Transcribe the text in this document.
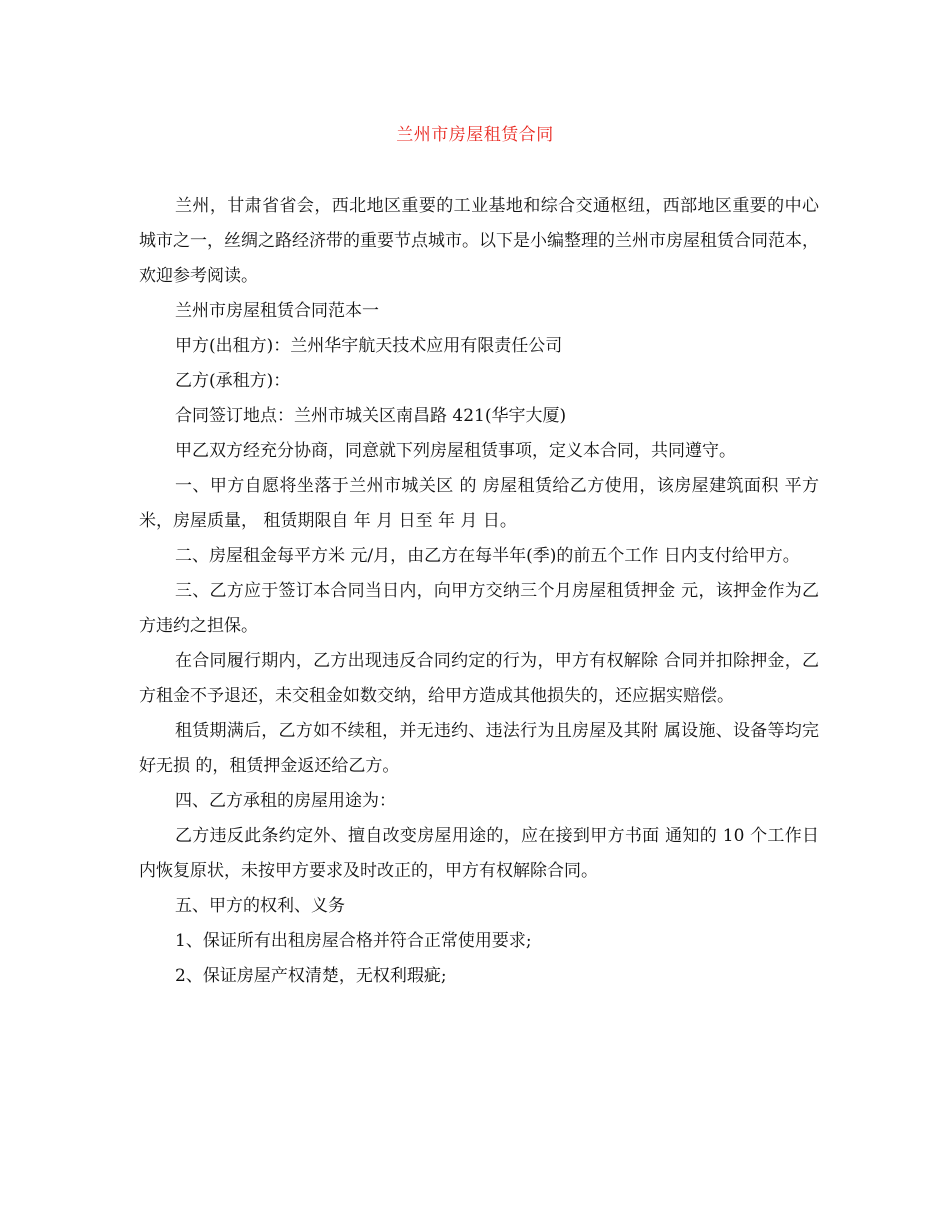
兰州市房屋租赁合同

兰州，甘肃省省会，西北地区重要的工业基地和综合交通枢纽，西部地区重要的中心城市之一，丝绸之路经济带的重要节点城市。以下是小编整理的兰州市房屋租赁合同范本，欢迎参考阅读。

兰州市房屋租赁合同范本一

甲方(出租方)：兰州华宇航天技术应用有限责任公司

乙方(承租方)：

合同签订地点：兰州市城关区南昌路 421(华宇大厦)

甲乙双方经充分协商，同意就下列房屋租赁事项，定义本合同，共同遵守。

一、甲方自愿将坐落于兰州市城关区 的 房屋租赁给乙方使用，该房屋建筑面积 平方米，房屋质量， 租赁期限自 年 月 日至 年 月 日。

二、房屋租金每平方米 元/月，由乙方在每半年(季)的前五个工作 日内支付给甲方。

三、乙方应于签订本合同当日内，向甲方交纳三个月房屋租赁押金 元，该押金作为乙方违约之担保。

在合同履行期内，乙方出现违反合同约定的行为，甲方有权解除 合同并扣除押金，乙方租金不予退还，未交租金如数交纳，给甲方造成其他损失的，还应据实赔偿。

租赁期满后，乙方如不续租，并无违约、违法行为且房屋及其附 属设施、设备等均完好无损 的，租赁押金返还给乙方。

四、乙方承租的房屋用途为：

乙方违反此条约定外、擅自改变房屋用途的，应在接到甲方书面 通知的 10 个工作日内恢复原状，未按甲方要求及时改正的，甲方有权解除合同。

五、甲方的权利、义务

1、保证所有出租房屋合格并符合正常使用要求;

2、保证房屋产权清楚，无权利瑕疵;
